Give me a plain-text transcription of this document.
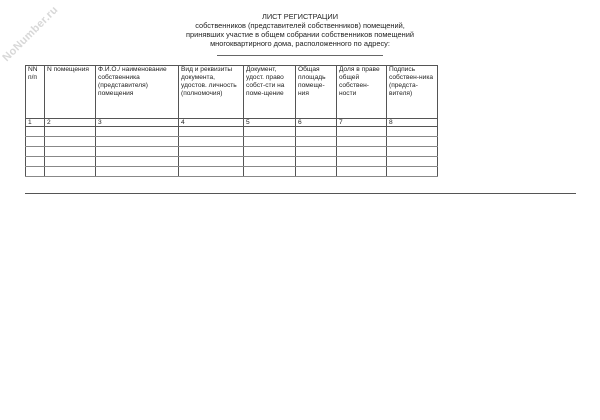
NoNumber.ru	ЛИСТ РЕГИСТРАЦИИ
собственников (представителей собственников) помещений,
принявших участие в общем собрании собственников помещений
многоквартирного дома, расположенного по адресу:
NN п/п	N помещения	Ф.И.О./ наименование собственника (представителя) помещения	Вид и реквизиты документа, удостов. личность (полномочия)	Документ, удост. право собст-сти на поме-щение	Общая площадь помеще-ния	Доля в праве общей собствен-ности	Подпись собствен-ника (предста-вителя)
1	2	3	4	5	6	7	8
